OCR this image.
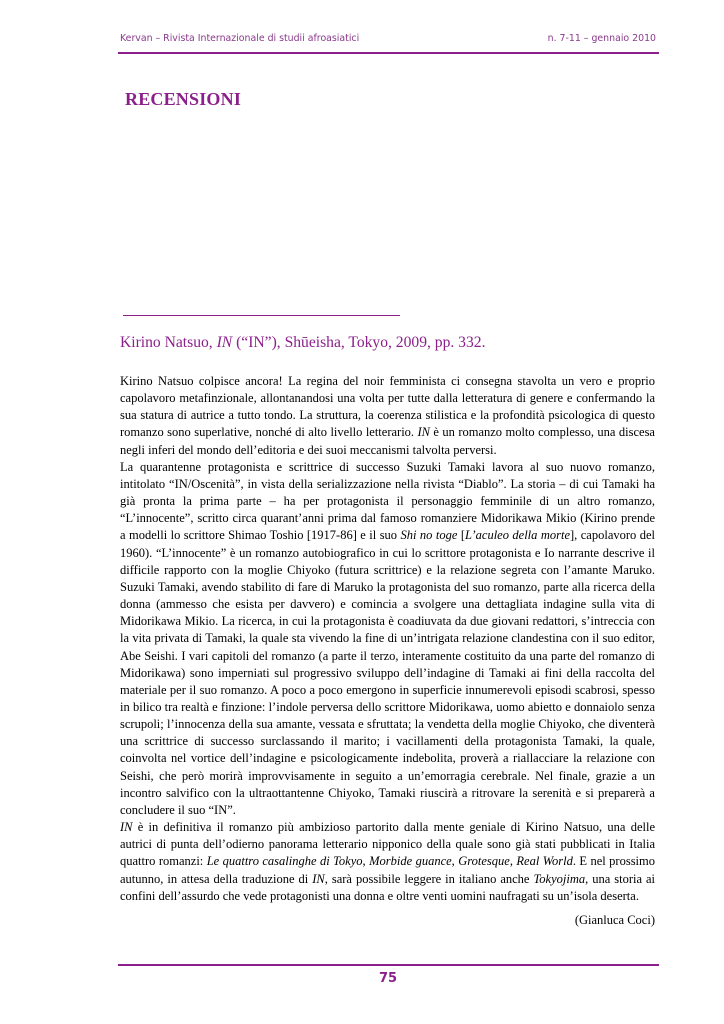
Kervan – Rivista Internazionale di studii afroasiatici	n. 7-11 – gennaio 2010
RECENSIONI
Kirino Natsuo, IN (“IN”), Shūeisha, Tokyo, 2009, pp. 332.

Kirino Natsuo colpisce ancora! La regina del noir femminista ci consegna stavolta un vero e proprio capolavoro metafinzionale, allontanandosi una volta per tutte dalla letteratura di genere e confermando la sua statura di autrice a tutto tondo. La struttura, la coerenza stilistica e la profondità psicologica di questo romanzo sono superlative, nonché di alto livello letterario. IN è un romanzo molto complesso, una discesa negli inferi del mondo dell’editoria e dei suoi meccanismi talvolta perversi.

La quarantenne protagonista e scrittrice di successo Suzuki Tamaki lavora al suo nuovo romanzo, intitolato “IN/Oscenità”, in vista della serializzazione nella rivista “Diablo”. La storia – di cui Tamaki ha già pronta la prima parte – ha per protagonista il personaggio femminile di un altro romanzo, “L’innocente”, scritto circa quarant’anni prima dal famoso romanziere Midorikawa Mikio (Kirino prende a modelli lo scrittore Shimao Toshio [1917-86] e il suo Shi no toge [L’aculeo della morte], capolavoro del 1960). “L’innocente” è un romanzo autobiografico in cui lo scrittore protagonista e Io narrante descrive il difficile rapporto con la moglie Chiyoko (futura scrittrice) e la relazione segreta con l’amante Maruko. Suzuki Tamaki, avendo stabilito di fare di Maruko la protagonista del suo romanzo, parte alla ricerca della donna (ammesso che esista per davvero) e comincia a svolgere una dettagliata indagine sulla vita di Midorikawa Mikio. La ricerca, in cui la protagonista è coadiuvata da due giovani redattori, s’intreccia con la vita privata di Tamaki, la quale sta vivendo la fine di un’intrigata relazione clandestina con il suo editor, Abe Seishi. I vari capitoli del romanzo (a parte il terzo, interamente costituito da una parte del romanzo di Midorikawa) sono imperniati sul progressivo sviluppo dell’indagine di Tamaki ai fini della raccolta del materiale per il suo romanzo. A poco a poco emergono in superficie innumerevoli episodi scabrosi, spesso in bilico tra realtà e finzione: l’indole perversa dello scrittore Midorikawa, uomo abietto e donnaiolo senza scrupoli; l’innocenza della sua amante, vessata e sfruttata; la vendetta della moglie Chiyoko, che diventerà una scrittrice di successo surclassando il marito; i vacillamenti della protagonista Tamaki, la quale, coinvolta nel vortice dell’indagine e psicologicamente indebolita, proverà a riallacciare la relazione con Seishi, che però morirà improvvisamente in seguito a un’emorragia cerebrale. Nel finale, grazie a un incontro salvifico con la ultraottantenne Chiyoko, Tamaki riuscirà a ritrovare la serenità e si preparerà a concludere il suo “IN”.

IN è in definitiva il romanzo più ambizioso partorito dalla mente geniale di Kirino Natsuo, una delle autrici di punta dell’odierno panorama letterario nipponico della quale sono già stati pubblicati in Italia quattro romanzi: Le quattro casalinghe di Tokyo, Morbide guance, Grotesque, Real World. E nel prossimo autunno, in attesa della traduzione di IN, sarà possibile leggere in italiano anche Tokyojima, una storia ai confini dell’assurdo che vede protagonisti una donna e oltre venti uomini naufragati su un’isola deserta.

(Gianluca Coci)
75
